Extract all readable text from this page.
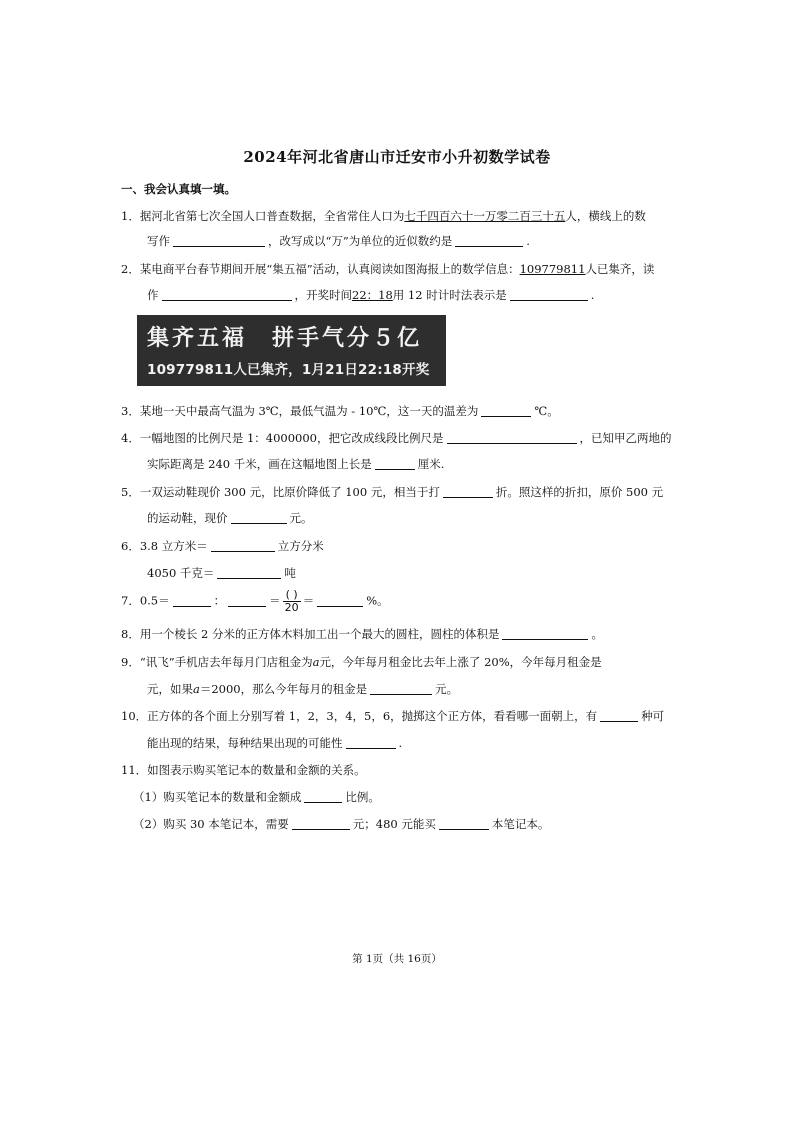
2024年河北省唐山市迁安市小升初数学试卷
一、我会认真填一填。
1．据河北省第七次全国人口普查数据，全省常住人口为七千四百六十一万零二百三十五人，横线上的数
写作	，改写成以“万”为单位的近似数约是	.
2．某电商平台春节期间开展“集五福”活动，认真阅读如图海报上的数学信息：109779811人已集齐，读
作	，开奖时间22：18用 12 时计时法表示是	.
集齐五福　拼手气分５亿
109779811人已集齐，1月21日22:18开奖
3．某地一天中最高气温为 3℃，最低气温为 - 10℃，这一天的温差为	℃。
4．一幅地图的比例尺是 1：4000000，把它改成线段比例尺是	，已知甲乙两地的
实际距离是 240 千米，画在这幅地图上长是	厘米.
5．一双运动鞋现价 300 元，比原价降低了 100 元，相当于打	折。照这样的折扣，原价 500 元
的运动鞋，现价	元。
6．3.8 立方米＝	立方分米
4050 千克＝	吨
7．0.5＝	：	＝ $\frac{( )}{20}$ ＝	%。
8．用一个棱长 2 分米的正方体木料加工出一个最大的圆柱，圆柱的体积是	。
9．“讯飞”手机店去年每月门店租金为a元，今年每月租金比去年上涨了 20%，今年每月租金是
元，如果a＝2000，那么今年每月的租金是	元。
10．正方体的各个面上分别写着 1，2，3，4，5，6，抛掷这个正方体，看看哪一面朝上，有	种可
能出现的结果，每种结果出现的可能性	.
11．如图表示购买笔记本的数量和金额的关系。
（1）购买笔记本的数量和金额成	比例。
（2）购买 30 本笔记本，需要	元；480 元能买	本笔记本。
第 1页（共 16页）
